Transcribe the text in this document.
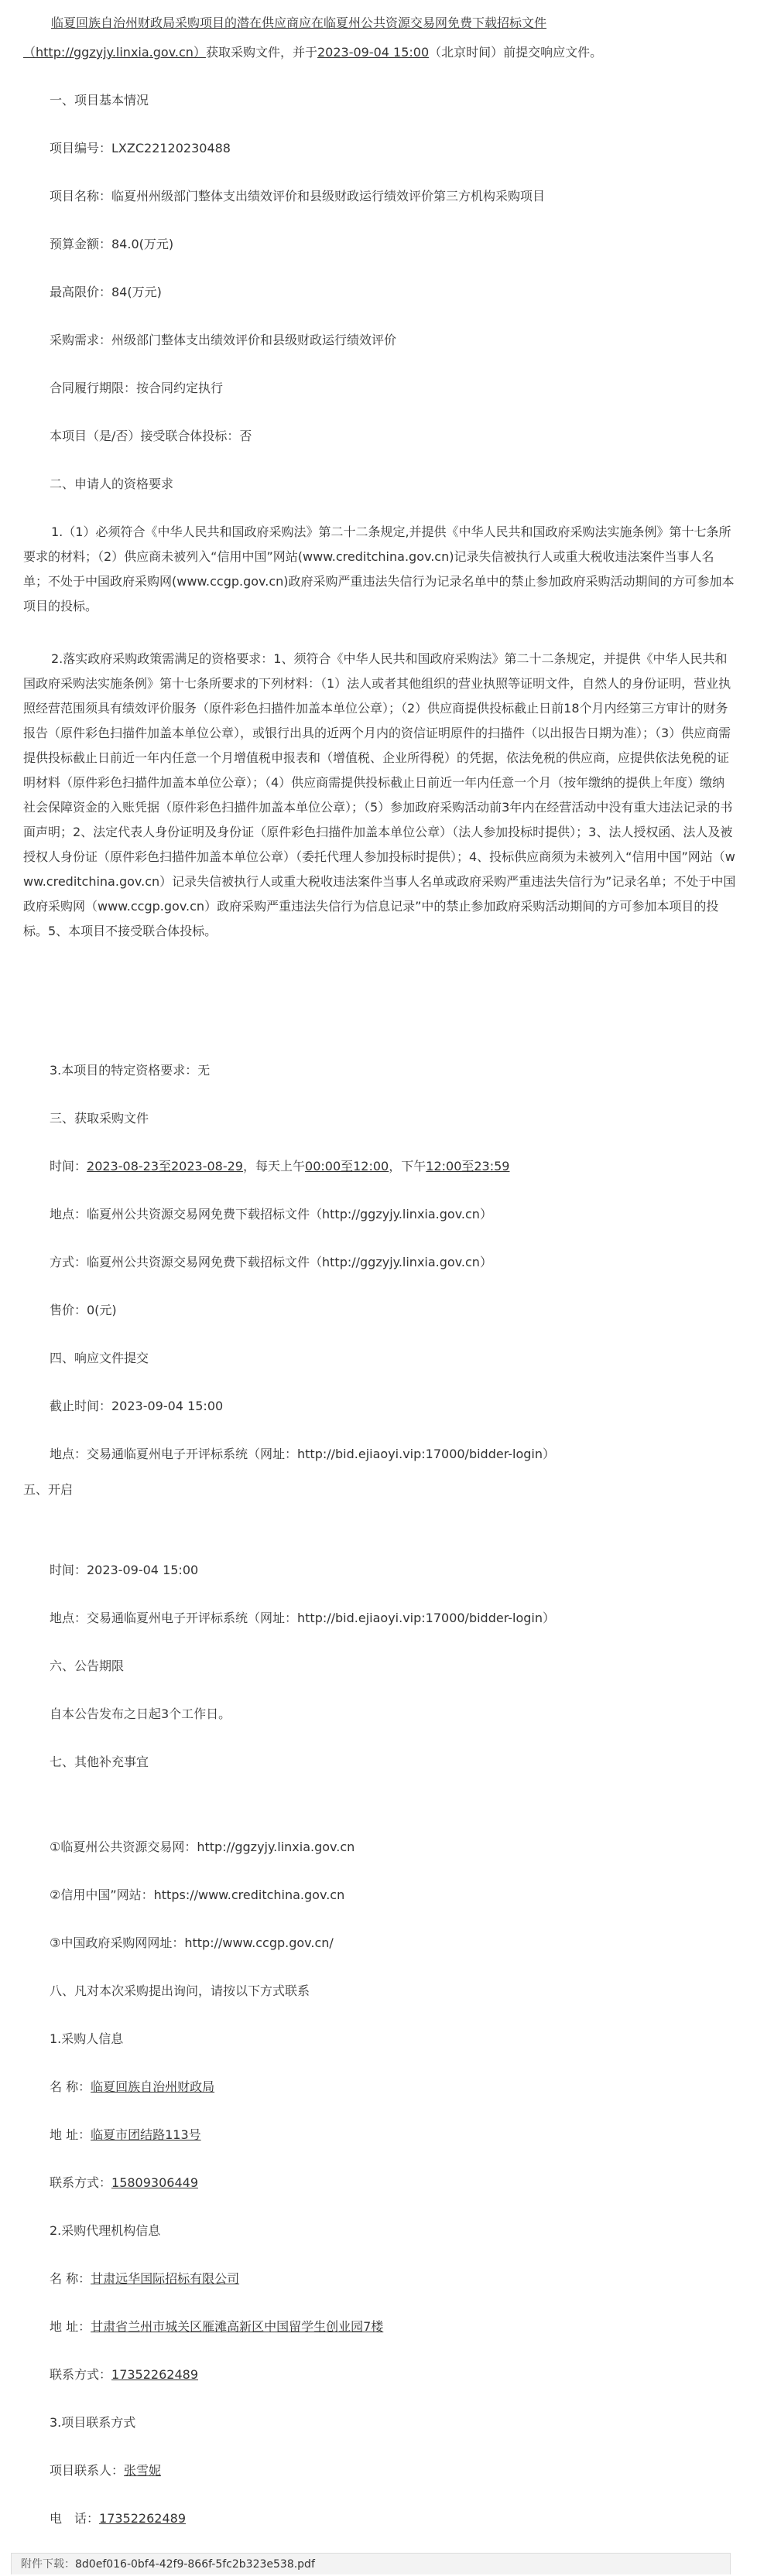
临夏回族自治州财政局采购项目的潜在供应商应在临夏州公共资源交易网免费下载招标文件

（http://ggzyjy.linxia.gov.cn）获取采购文件，并于2023-09-04 15:00（北京时间）前提交响应文件。

一、项目基本情况

项目编号：LXZC22120230488

项目名称：临夏州州级部门整体支出绩效评价和县级财政运行绩效评价第三方机构采购项目

预算金额：84.0(万元)

最高限价：84(万元)

采购需求：州级部门整体支出绩效评价和县级财政运行绩效评价

合同履行期限：按合同约定执行

本项目（是/否）接受联合体投标：否

二、申请人的资格要求

1.（1）必须符合《中华人民共和国政府采购法》第二十二条规定,并提供《中华人民共和国政府采购法实施条例》第十七条所要求的材料；（2）供应商未被列入“信用中国”网站(www.creditchina.gov.cn)记录失信被执行人或重大税收违法案件当事人名单；不处于中国政府采购网(www.ccgp.gov.cn)政府采购严重违法失信行为记录名单中的禁止参加政府采购活动期间的方可参加本项目的投标。

2.落实政府采购政策需满足的资格要求：1、须符合《中华人民共和国政府采购法》第二十二条规定，并提供《中华人民共和国政府采购法实施条例》第十七条所要求的下列材料：（1）法人或者其他组织的营业执照等证明文件，自然人的身份证明，营业执照经营范围须具有绩效评价服务（原件彩色扫描件加盖本单位公章）；（2）供应商提供投标截止日前18个月内经第三方审计的财务报告（原件彩色扫描件加盖本单位公章），或银行出具的近两个月内的资信证明原件的扫描件（以出报告日期为准）；（3）供应商需提供投标截止日前近一年内任意一个月增值税申报表和（增值税、企业所得税）的凭据，依法免税的供应商，应提供依法免税的证明材料（原件彩色扫描件加盖本单位公章）；（4）供应商需提供投标截止日前近一年内任意一个月（按年缴纳的提供上年度）缴纳社会保障资金的入账凭据（原件彩色扫描件加盖本单位公章）；（5）参加政府采购活动前3年内在经营活动中没有重大违法记录的书面声明；2、法定代表人身份证明及身份证（原件彩色扫描件加盖本单位公章）（法人参加投标时提供）；3、法人授权函、法人及被授权人身份证（原件彩色扫描件加盖本单位公章）（委托代理人参加投标时提供）；4、投标供应商须为未被列入“信用中国”网站（www.creditchina.gov.cn）记录失信被执行人或重大税收违法案件当事人名单或政府采购严重违法失信行为”记录名单；不处于中国政府采购网（www.ccgp.gov.cn）政府采购严重违法失信行为信息记录”中的禁止参加政府采购活动期间的方可参加本项目的投标。5、本项目不接受联合体投标。

3.本项目的特定资格要求：无

三、获取采购文件

时间：2023-08-23至2023-08-29，每天上午00:00至12:00，下午12:00至23:59

地点：临夏州公共资源交易网免费下载招标文件（http://ggzyjy.linxia.gov.cn）

方式：临夏州公共资源交易网免费下载招标文件（http://ggzyjy.linxia.gov.cn）

售价：0(元)

四、响应文件提交

截止时间：2023-09-04 15:00

地点：交易通临夏州电子开评标系统（网址：http://bid.ejiaoyi.vip:17000/bidder-login）

五、开启

时间：2023-09-04 15:00

地点：交易通临夏州电子开评标系统（网址：http://bid.ejiaoyi.vip:17000/bidder-login）

六、公告期限

自本公告发布之日起3个工作日。

七、其他补充事宜

①临夏州公共资源交易网：http://ggzyjy.linxia.gov.cn

②信用中国”网站：https://www.creditchina.gov.cn

③中国政府采购网网址：http://www.ccgp.gov.cn/

八、凡对本次采购提出询问，请按以下方式联系

1.采购人信息

名 称：临夏回族自治州财政局

地 址：临夏市团结路113号

联系方式：15809306449

2.采购代理机构信息

名 称：甘肃远华国际招标有限公司

地 址：甘肃省兰州市城关区雁滩高新区中国留学生创业园7楼

联系方式：17352262489

3.项目联系方式

项目联系人：张雪妮

电　话：17352262489

附件下载：8d0ef016-0bf4-42f9-866f-5fc2b323e538.pdf
